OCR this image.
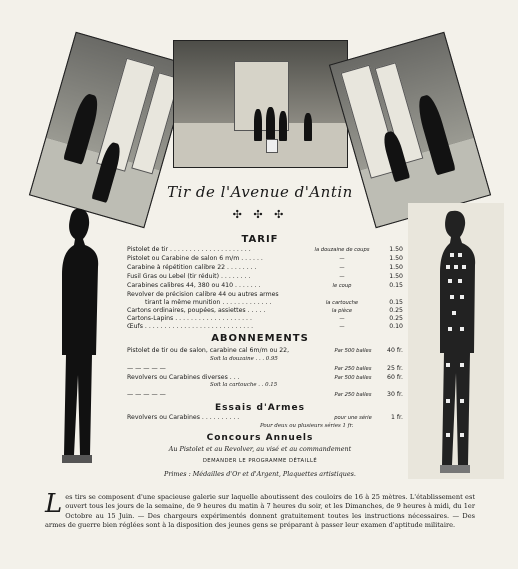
Tir de l'Avenue d'Antin
✣ ✣ ✣
TARIF
Pistolet de tir . . . . . . . . . . . . . . . . . . . . .	la douzaine de coups	1.50
Pistolet ou Carabine de salon 6 m/m . . . . . .	—	1.50
Carabine à répétition calibre 22 . . . . . . . .	—	1.50
Fusil Gras ou Lebel (tir réduit) . . . . . . . .	—	1.50
Carabines calibres 44, 380 ou 410 . . . . . . .	le coup	0.15
Revolver de précision calibre 44 ou autres armes
tirant la même munition . . . . . . . . . . . . .	la cartouche	0.15
Cartons ordinaires, poupées, assiettes . . . . .	la pièce	0.25
Cartons-Lapins . . . . . . . . . . . . . . . . . . . .	—	0.25
Œufs . . . . . . . . . . . . . . . . . . . . . . . . . . . .	—	0.10
ABONNEMENTS
Pistolet de tir ou de salon, carabine cal 6m/m ou 22,	Par 500 balles	40 fr.
Soit la douzaine . . . 0.95
— — — — —	Par 250 balles	25 fr.
Revolvers ou Carabines diverses . . .	Par 500 balles	60 fr.
Soit la cartouche . . 0.15
— — — — —	Par 250 balles	30 fr.
Essais d'Armes
Revolvers ou Carabines . . . . . . . . . .	pour une série	1 fr.
Pour deux ou plusieurs séries 1 fr.
Concours Annuels
Au Pistolet et au Revolver, au visé et au commandement
DEMANDER LE PROGRAMME DÉTAILLÉ
Primes : Médailles d'Or et d'Argent, Plaquettes artistiques.
L es tirs se composent d'une spacieuse galerie sur laquelle aboutissent des couloirs de 16 à 25 mètres. L'établissement est ouvert tous les jours de la semaine, de 9 heures du matin à 7 heures du soir, et les Dimanches, de 9 heures à midi, du 1er Octobre au 15 Juin. — Des chargeurs expérimentés donnent gratuitement toutes les instructions nécessaires. — Des armes de guerre bien réglées sont à la disposition des jeunes gens se préparant à passer leur examen d'aptitude militaire.
